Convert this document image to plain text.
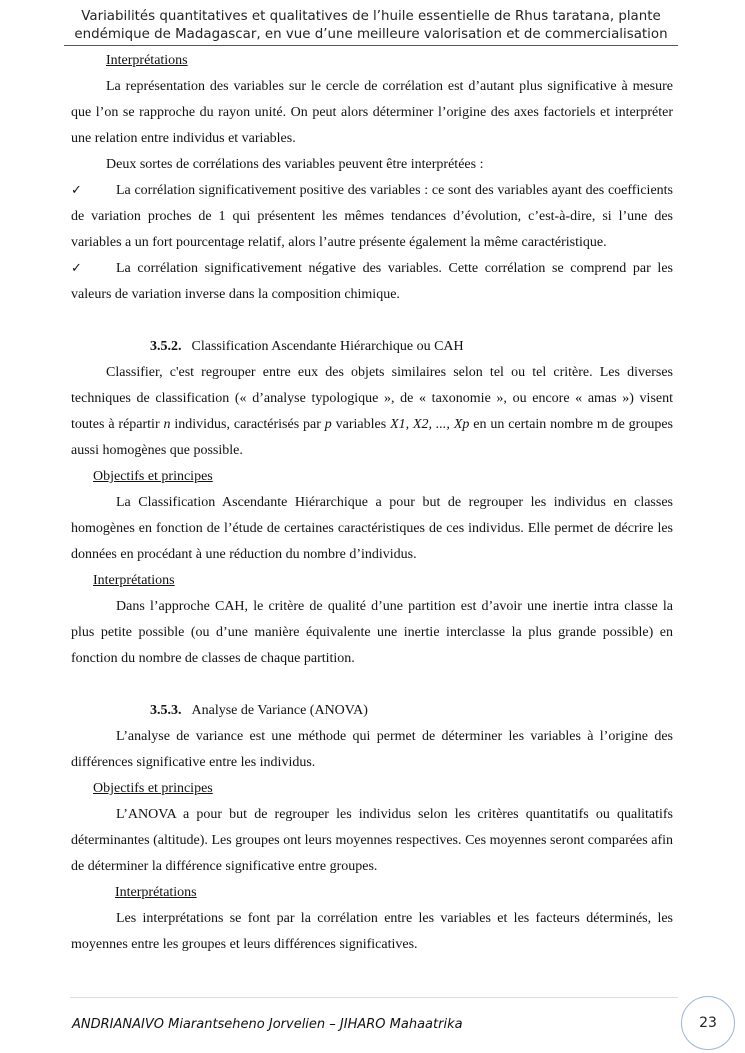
Variabilités quantitatives et qualitatives de l’huile essentielle de Rhus taratana, plante
endémique de Madagascar, en vue d’une meilleure valorisation et de commercialisation
Interprétations

La représentation des variables sur le cercle de corrélation est d’autant plus significative à mesure que l’on se rapproche du rayon unité. On peut alors déterminer l’origine des axes factoriels et interpréter une relation entre individus et variables.

Deux sortes de corrélations des variables peuvent être interprétées :

✓ La corrélation significativement positive des variables : ce sont des variables ayant des coefficients de variation proches de 1 qui présentent les mêmes tendances d’évolution, c’est-à-dire, si l’une des variables a un fort pourcentage relatif, alors l’autre présente également la même caractéristique.

✓ La corrélation significativement négative des variables. Cette corrélation se comprend par les valeurs de variation inverse dans la composition chimique.

3.5.2. Classification Ascendante Hiérarchique ou CAH

Classifier, c'est regrouper entre eux des objets similaires selon tel ou tel critère. Les diverses techniques de classification (« d’analyse typologique », de « taxonomie », ou encore « amas ») visent toutes à répartir n individus, caractérisés par p variables X1, X2, ..., Xp en un certain nombre m de groupes aussi homogènes que possible.

Objectifs et principes

La Classification Ascendante Hiérarchique a pour but de regrouper les individus en classes homogènes en fonction de l’étude de certaines caractéristiques de ces individus. Elle permet de décrire les données en procédant à une réduction du nombre d’individus.

Interprétations

Dans l’approche CAH, le critère de qualité d’une partition est d’avoir une inertie intra classe la plus petite possible (ou d’une manière équivalente une inertie interclasse la plus grande possible) en fonction du nombre de classes de chaque partition.

3.5.3. Analyse de Variance (ANOVA)

L’analyse de variance est une méthode qui permet de déterminer les variables à l’origine des différences significative entre les individus.

Objectifs et principes

L’ANOVA a pour but de regrouper les individus selon les critères quantitatifs ou qualitatifs déterminantes (altitude). Les groupes ont leurs moyennes respectives. Ces moyennes seront comparées afin de déterminer la différence significative entre groupes.

Interprétations

Les interprétations se font par la corrélation entre les variables et les facteurs déterminés, les moyennes entre les groupes et leurs différences significatives.

ANDRIANAIVO Miarantseheno Jorvelien – JIHARO Mahaatrika	23
